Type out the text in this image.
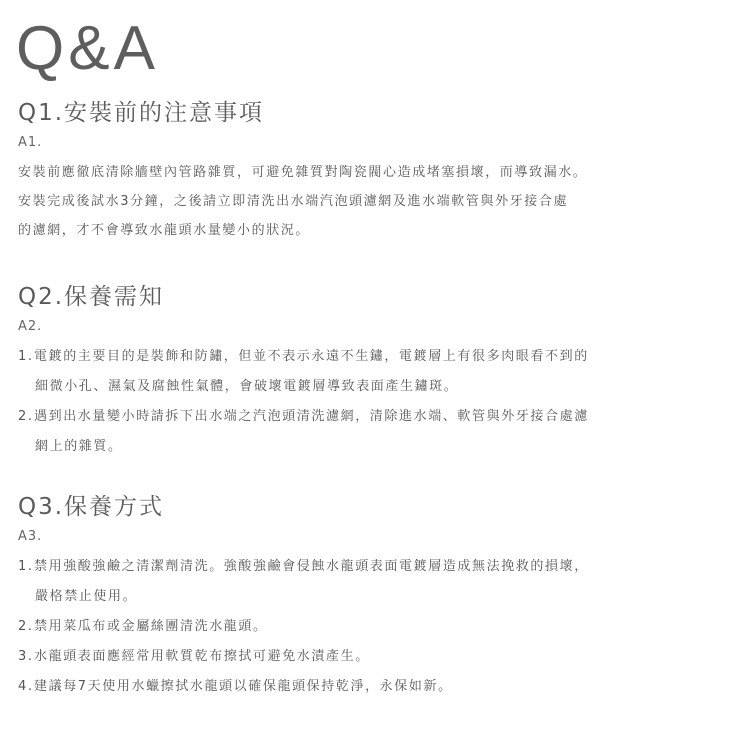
Q&A
Q1.安裝前的注意事項
A1.
安裝前應徹底清除牆壁內管路雜質，可避免雜質對陶瓷閥心造成堵塞損壞，而導致漏水。
安裝完成後試水3分鐘，之後請立即清洗出水端汽泡頭濾網及進水端軟管與外牙接合處
的濾網，才不會導致水龍頭水量變小的狀況。
Q2.保養需知
A2.
1.電鍍的主要目的是裝飾和防鏽，但並不表示永遠不生鏽，電鍍層上有很多肉眼看不到的
細微小孔、濕氣及腐蝕性氣體，會破壞電鍍層導致表面產生鏽斑。
2.遇到出水量變小時請拆下出水端之汽泡頭清洗濾網，清除進水端、軟管與外牙接合處濾
網上的雜質。
Q3.保養方式
A3.
1.禁用強酸強鹼之清潔劑清洗。強酸強鹼會侵蝕水龍頭表面電鍍層造成無法挽救的損壞，
嚴格禁止使用。
2.禁用菜瓜布或金屬絲團清洗水龍頭。
3.水龍頭表面應經常用軟質乾布擦拭可避免水漬產生。
4.建議每7天使用水蠟擦拭水龍頭以確保龍頭保持乾淨，永保如新。
